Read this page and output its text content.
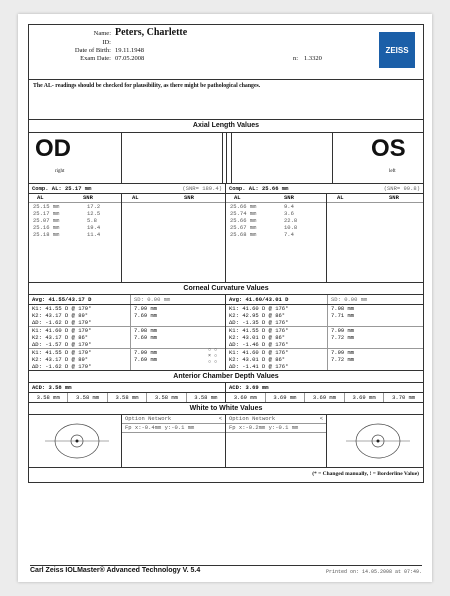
Name: Peters, Charlette
ID:
Date of Birth: 19.11.1948
Exam Date: 07.05.2008	n: 1.3320
ZEISS
The AL- readings should be checked for plausibility, as there might be pathological changes.
Axial Length Values
OD
right
OS
left
Comp. AL: 25.17 mm	(SNR= 189.4) Comp. AL: 25.66 mm	(SNR= 99.8)
AL	SNR
25.15 mm	17.2
25.17 mm	12.5
25.07 mm	5.8
25.16 mm	19.4
25.18 mm	11.4
AL	SNR	AL	SNR
25.66 mm	9.4
25.74 mm	3.6
25.66 mm	22.8
25.67 mm	10.8
25.68 mm	7.4
AL	SNR
Corneal Curvature Values
Avg: 41.55/43.17 D	SD: 0.00 mm	Avg: 41.60/43.01 D	SD: 0.00 mm
K1: 41.55 D @ 179°
K2: 43.17 D @ 89°
ΔD: -1.62 D @ 179°
7.99 mm
7.69 mm
K1: 41.60 D @ 179°
K2: 43.17 D @ 86°
ΔD: -1.57 D @ 179°
7.98 mm
7.69 mm
K1: 41.55 D @ 179°
K2: 43.17 D @ 89°
ΔD: -1.62 D @ 179°
7.99 mm
7.69 mm
○ ○
× ○
○ ○
K1: 41.60 D @ 176°
K2: 42.95 D @ 86°
ΔD: -1.35 D @ 176°
7.98 mm
7.71 mm
K1: 41.55 D @ 176°
K2: 43.01 D @ 86°
ΔD: -1.46 D @ 176°
7.99 mm
7.72 mm
K1: 41.60 D @ 176°
K2: 43.01 D @ 86°
ΔD: -1.41 D @ 176°
7.99 mm
7.72 mm
Anterior Chamber Depth Values
ACD: 3.58 mm	ACD: 3.69 mm
3.58 mm	3.58 mm	3.58 mm	3.58 mm	3.58 mm	3.69 mm	3.69 mm	3.69 mm	3.69 mm	3.70 mm
White to White Values
Option Network	<
Fp x:-0.4mm y:-0.1 mm
Option Network	<
Fp x:-0.2mm y:-0.1 mm
(* = Changed manually, ! = Borderline Value)
Carl Zeiss IOLMaster® Advanced Technology V. 5.4	Printed on: 14.05.2008 at 07:49.
